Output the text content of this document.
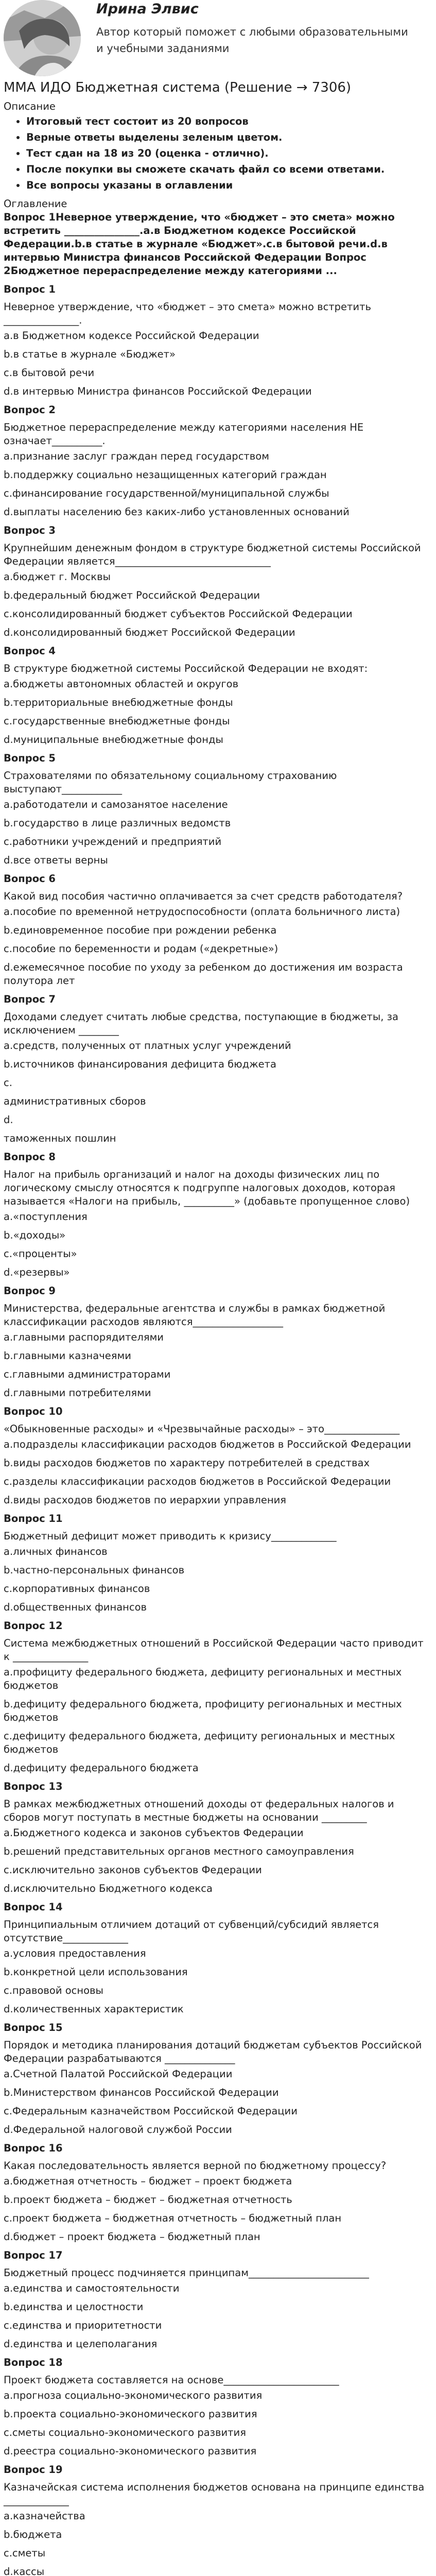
Ирина Элвис
Автор который поможет с любыми образовательными и учебными заданиями
ММА ИДО Бюджетная система (Решение → 7306)
Описание
• Итоговый тест состоит из 20 вопросов
• Верные ответы выделены зеленым цветом.
• Тест сдан на 18 из 20 (оценка - отлично).
• После покупки вы сможете скачать файл со всеми ответами.
• Все вопросы указаны в оглавлении
Оглавление
Вопрос 1Неверное утверждение, что «бюджет – это смета» можно встретить _______________.a.в Бюджетном кодексе Российской Федерации.b.в статье в журнале «Бюджет».c.в бытовой речи.d.в интервью Министра финансов Российской Федерации Вопрос 2Бюджетное перераспределение между категориями ...
Вопрос 1
Неверное утверждение, что «бюджет – это смета» можно встретить _______________.
a.в Бюджетном кодексе Российской Федерации
b.в статье в журнале «Бюджет»
c.в бытовой речи
d.в интервью Министра финансов Российской Федерации
Вопрос 2
Бюджетное перераспределение между категориями населения НЕ означает__________.
a.признание заслуг граждан перед государством
b.поддержку социально незащищенных категорий граждан
c.финансирование государственной/муниципальной службы
d.выплаты населению без каких-либо установленных оснований
Вопрос 3
Крупнейшим денежным фондом в структуре бюджетной системы Российской Федерации является_______________________________
a.бюджет г. Москвы
b.федеральный бюджет Российской Федерации
c.консолидированный бюджет субъектов Российской Федерации
d.консолидированный бюджет Российской Федерации
Вопрос 4
В структуре бюджетной системы Российской Федерации не входят:
a.бюджеты автономных областей и округов
b.территориальные внебюджетные фонды
c.государственные внебюджетные фонды
d.муниципальные внебюджетные фонды
Вопрос 5
Страхователями по обязательному социальному страхованию выступают____________
a.работодатели и самозанятое население
b.государство в лице различных ведомств
c.работники учреждений и предприятий
d.все ответы верны
Вопрос 6
Какой вид пособия частично оплачивается за счет средств работодателя?
a.пособие по временной нетрудоспособности (оплата больничного листа)
b.единовременное пособие при рождении ребенка
c.пособие по беременности и родам («декретные»)
d.ежемесячное пособие по уходу за ребенком до достижения им возраста полутора лет
Вопрос 7
Доходами следует считать любые средства, поступающие в бюджеты, за исключением ________
a.средств, полученных от платных услуг учреждений
b.источников финансирования дефицита бюджета
c.
административных сборов
d.
таможенных пошлин
Вопрос 8
Налог на прибыль организаций и налог на доходы физических лиц по логическому смыслу относятся к подгруппе налоговых доходов, которая называется «Налоги на прибыль, __________» (добавьте пропущенное слово)
a.«поступления
b.«доходы»
c.«проценты»
d.«резервы»
Вопрос 9
Министерства, федеральные агентства и службы в рамках бюджетной классификации расходов являются__________________
a.главными распорядителями
b.главными казначеями
c.главными администраторами
d.главными потребителями
Вопрос 10
«Обыкновенные расходы» и «Чрезвычайные расходы» – это_______________
a.подразделы классификации расходов бюджетов в Российской Федерации
b.виды расходов бюджетов по характеру потребителей в средствах
c.разделы классификации расходов бюджетов в Российской Федерации
d.виды расходов бюджетов по иерархии управления
Вопрос 11
Бюджетный дефицит может приводить к кризису_____________
a.личных финансов
b.частно-персональных финансов
c.корпоративных финансов
d.общественных финансов
Вопрос 12
Система межбюджетных отношений в Российской Федерации часто приводит к _______________
a.профициту федерального бюджета, дефициту региональных и местных бюджетов
b.дефициту федерального бюджета, профициту региональных и местных бюджетов
c.дефициту федерального бюджета, дефициту региональных и местных бюджетов
d.дефициту федерального бюджета
Вопрос 13
В рамках межбюджетных отношений доходы от федеральных налогов и сборов могут поступать в местные бюджеты на основании _________
a.Бюджетного кодекса и законов субъектов Федерации
b.решений представительных органов местного самоуправления
c.исключительно законов субъектов Федерации
d.исключительно Бюджетного кодекса
Вопрос 14
Принципиальным отличием дотаций от субвенций/субсидий является отсутствие_____________
a.условия предоставления
b.конкретной цели использования
c.правовой основы
d.количественных характеристик
Вопрос 15
Порядок и методика планирования дотаций бюджетам субъектов Российской Федерации разрабатываются ______________
a.Счетной Палатой Российской Федерации
b.Министерством финансов Российской Федерации
c.Федеральным казначейством Российской Федерации
d.Федеральной налоговой службой России
Вопрос 16
Какая последовательность является верной по бюджетному процессу?
a.бюджетная отчетность – бюджет – проект бюджета
b.проект бюджета – бюджет – бюджетная отчетность
c.проект бюджета – бюджетная отчетность – бюджетный план
d.бюджет – проект бюджета – бюджетный план
Вопрос 17
Бюджетный процесс подчиняется принципам________________________
a.единства и самостоятельности
b.единства и целостности
c.единства и приоритетности
d.единства и целеполагания
Вопрос 18
Проект бюджета составляется на основе_______________________
a.прогноза социально-экономического развития
b.проекта социально-экономического развития
c.сметы социально-экономического развития
d.реестра социально-экономического развития
Вопрос 19
Казначейская система исполнения бюджетов основана на принципе единства _____________
a.казначейства
b.бюджета
c.сметы
d.кассы
